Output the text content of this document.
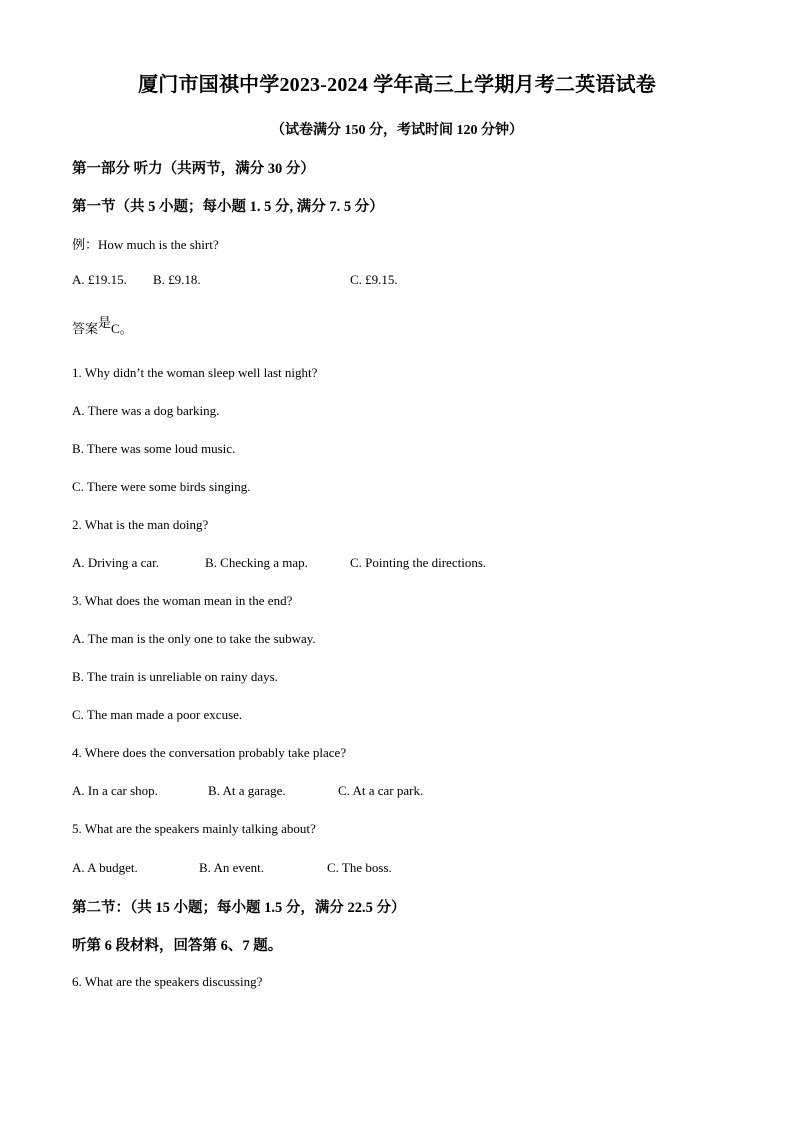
厦门市国祺中学2023-2024 学年高三上学期月考二英语试卷
（试卷满分 150 分，考试时间 120 分钟）
第一部分 听力（共两节，满分 30 分）
第一节（共 5 小题；每小题 1. 5 分, 满分 7. 5 分）
例：How much is the shirt?
A. £19.15. B. £9.18.	C. £9.15.
答案是C。
1. Why didn’t the woman sleep well last night?
A. There was a dog barking.
B. There was some loud music.
C. There were some birds singing.
2. What is the man doing?
A. Driving a car.	B. Checking a map.	C. Pointing the directions.
3. What does the woman mean in the end?
A. The man is the only one to take the subway.
B. The train is unreliable on rainy days.
C. The man made a poor excuse.
4. Where does the conversation probably take place?
A. In a car shop.	B. At a garage.	C. At a car park.
5. What are the speakers mainly talking about?
A. A budget.	B. An event.	C. The boss.
第二节：（共 15 小题；每小题 1.5 分，满分 22.5 分）
听第 6 段材料，回答第 6、7 题。
6. What are the speakers discussing?
